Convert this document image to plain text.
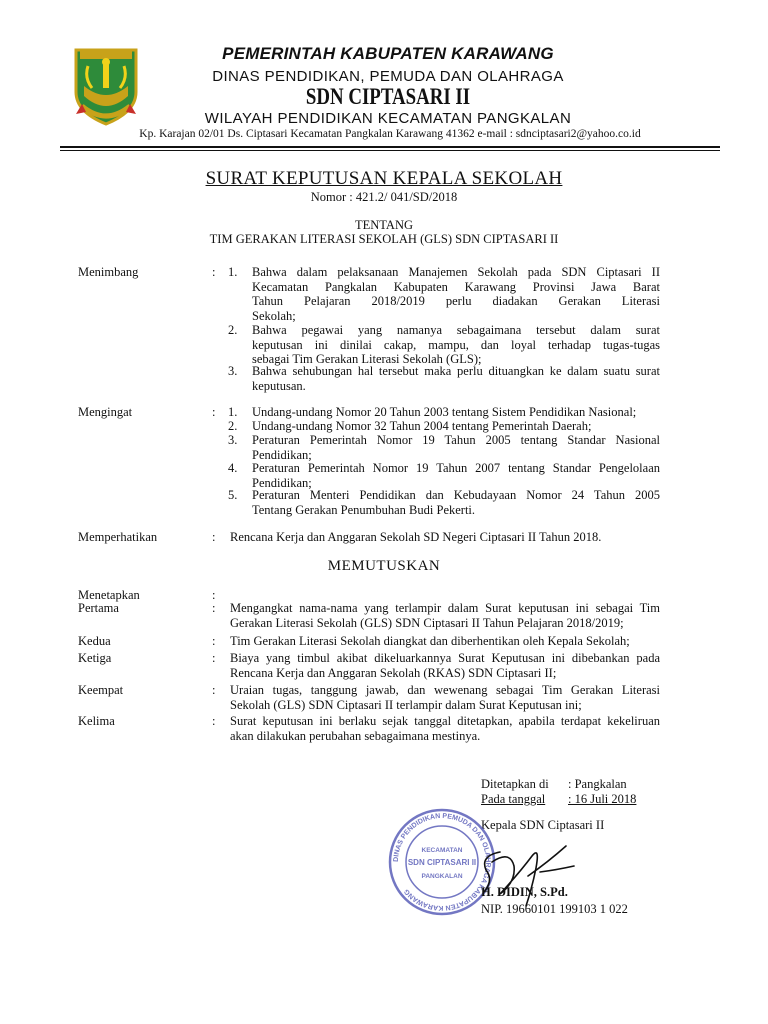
PEMERINTAH KABUPATEN KARAWANG
DINAS PENDIDIKAN, PEMUDA DAN OLAHRAGA
SDN CIPTASARI II
WILAYAH PENDIDIKAN KECAMATAN PANGKALAN
Kp. Karajan 02/01 Ds. Ciptasari Kecamatan Pangkalan Karawang 41362 e-mail : sdnciptasari2@yahoo.co.id
SURAT KEPUTUSAN KEPALA SEKOLAH
Nomor : 421.2/ 041/SD/2018
TENTANG
TIM GERAKAN LITERASI SEKOLAH (GLS) SDN CIPTASARI II
Menimbang	: 1. Bahwa dalam pelaksanaan Manajemen Sekolah pada SDN Ciptasari II
Kecamatan Pangkalan Kabupaten Karawang Provinsi Jawa Barat
Tahun Pelajaran 2018/2019 perlu diadakan Gerakan Literasi
Sekolah;
2. Bahwa pegawai yang namanya sebagaimana tersebut dalam surat
keputusan ini dinilai cakap, mampu, dan loyal terhadap tugas-tugas
sebagai Tim Gerakan Literasi Sekolah (GLS);
3. Bahwa sehubungan hal tersebut maka perlu dituangkan ke dalam suatu surat
keputusan.
Mengingat	: 1. Undang-undang Nomor 20 Tahun 2003 tentang Sistem Pendidikan Nasional;
2. Undang-undang Nomor 32 Tahun 2004 tentang Pemerintah Daerah;
3. Peraturan Pemerintah Nomor 19 Tahun 2005 tentang Standar Nasional
Pendidikan;
4. Peraturan Pemerintah Nomor 19 Tahun 2007 tentang Standar Pengelolaan
Pendidikan;
5. Peraturan Menteri Pendidikan dan Kebudayaan Nomor 24 Tahun 2005
Tentang Gerakan Penumbuhan Budi Pekerti.
Memperhatikan	: Rencana Kerja dan Anggaran Sekolah SD Negeri Ciptasari II Tahun 2018.
MEMUTUSKAN
Menetapkan	:
Pertama	: Mengangkat nama-nama yang terlampir dalam Surat keputusan ini sebagai Tim
Gerakan Literasi Sekolah (GLS) SDN Ciptasari II Tahun Pelajaran 2018/2019;
Kedua	: Tim Gerakan Literasi Sekolah diangkat dan diberhentikan oleh Kepala Sekolah;
Ketiga	: Biaya yang timbul akibat dikeluarkannya Surat Keputusan ini dibebankan pada
Rencana Kerja dan Anggaran Sekolah (RKAS) SDN Ciptasari II;
Keempat	: Uraian tugas, tanggung jawab, dan wewenang sebagai Tim Gerakan Literasi
Sekolah (GLS) SDN Ciptasari II terlampir dalam Surat Keputusan ini;
Kelima	: Surat keputusan ini berlaku sejak tanggal ditetapkan, apabila terdapat kekeliruan
akan dilakukan perubahan sebagaimana mestinya.
Ditetapkan di : Pangkalan
Pada tanggal : 16 Juli 2018
Kepala SDN Ciptasari II
DINAS PENDIDIKAN PEMUDA DAN OLAHRAGA KABUPATEN KARAWANG
KECAMATAN
SDN CIPTASARI II
PANGKALAN
H. DIDIN, S.Pd.
NIP. 19660101 199103 1 022
